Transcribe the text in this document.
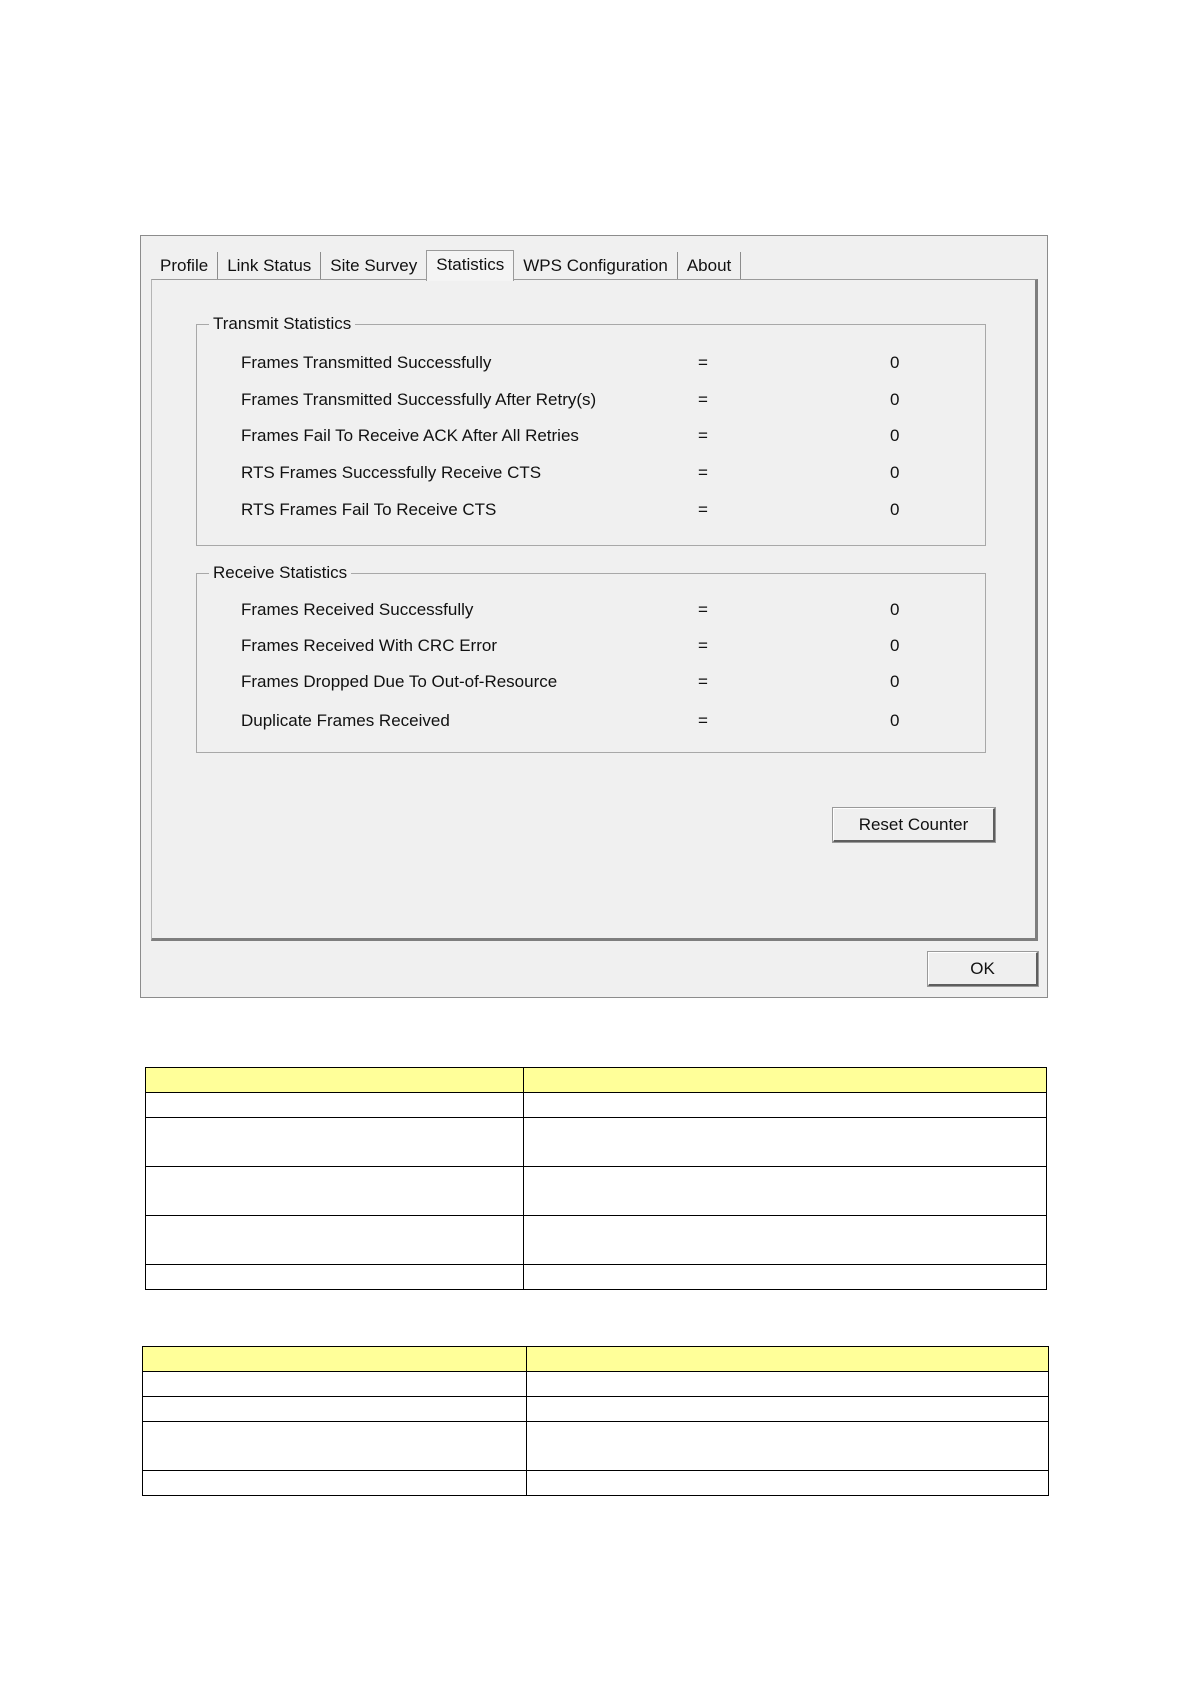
Profile	Link Status	Site Survey	Statistics	WPS Configuration	About
Transmit Statistics
Frames Transmitted Successfully	=	0
Frames Transmitted Successfully After Retry(s)	=	0
Frames Fail To Receive ACK After All Retries	=	0
RTS Frames Successfully Receive CTS	=	0
RTS Frames Fail To Receive CTS	=	0
Receive Statistics
Frames Received Successfully	=	0
Frames Received With CRC Error	=	0
Frames Dropped Due To Out-of-Resource	=	0
Duplicate Frames Received	=	0
Reset Counter
OK
